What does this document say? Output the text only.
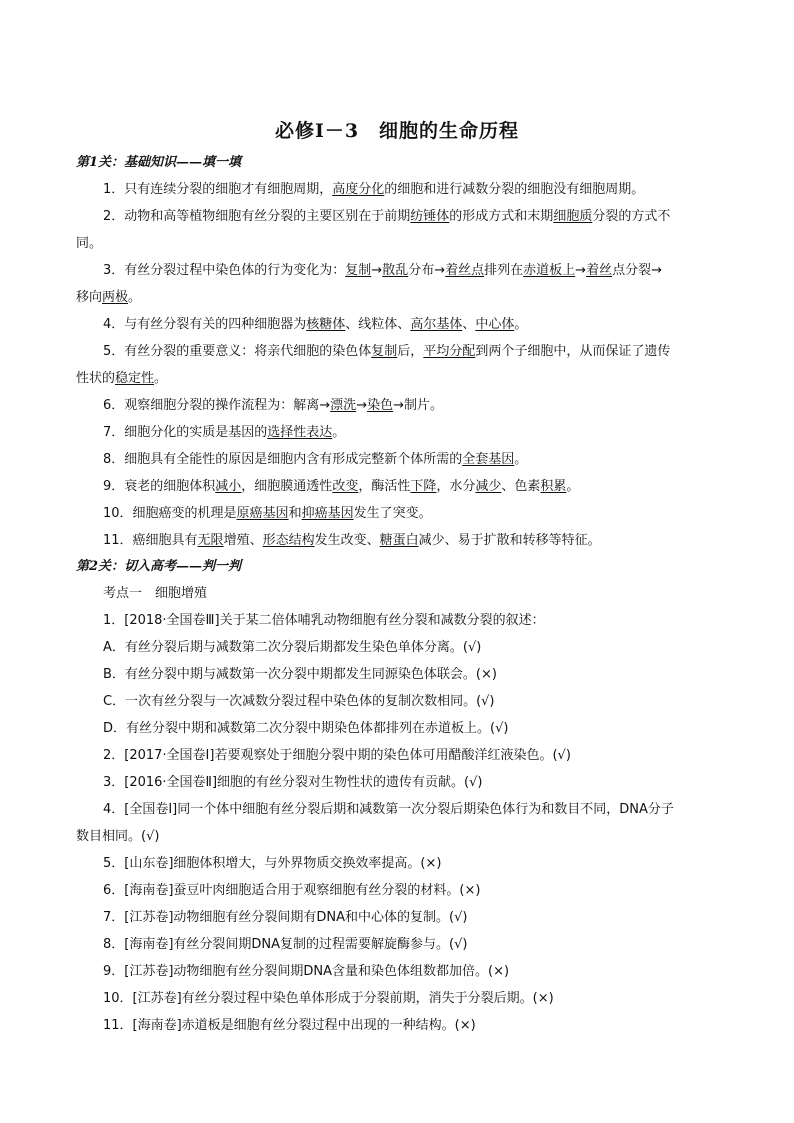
必修Ⅰ－3　细胞的生命历程
第1关：基础知识——填一填
1．只有连续分裂的细胞才有细胞周期，高度分化的细胞和进行减数分裂的细胞没有细胞周期。
2．动物和高等植物细胞有丝分裂的主要区别在于前期纺锤体的形成方式和末期细胞质分裂的方式不
同。
3．有丝分裂过程中染色体的行为变化为：复制→散乱分布→着丝点排列在赤道板上→着丝点分裂→
移向两极。
4．与有丝分裂有关的四种细胞器为核糖体、线粒体、高尔基体、中心体。
5．有丝分裂的重要意义：将亲代细胞的染色体复制后，平均分配到两个子细胞中，从而保证了遗传
性状的稳定性。
6．观察细胞分裂的操作流程为：解离→漂洗→染色→制片。
7．细胞分化的实质是基因的选择性表达。
8．细胞具有全能性的原因是细胞内含有形成完整新个体所需的全套基因。
9．衰老的细胞体积减小，细胞膜通透性改变，酶活性下降，水分减少、色素积累。
10．细胞癌变的机理是原癌基因和抑癌基因发生了突变。
11．癌细胞具有无限增殖、形态结构发生改变、糖蛋白减少、易于扩散和转移等特征。
第2关：切入高考——判一判
考点一　细胞增殖
1．[2018·全国卷Ⅲ]关于某二倍体哺乳动物细胞有丝分裂和减数分裂的叙述：
A．有丝分裂后期与减数第二次分裂后期都发生染色单体分离。(√)
B．有丝分裂中期与减数第一次分裂中期都发生同源染色体联会。(×)
C．一次有丝分裂与一次减数分裂过程中染色体的复制次数相同。(√)
D．有丝分裂中期和减数第二次分裂中期染色体都排列在赤道板上。(√)
2．[2017·全国卷Ⅰ]若要观察处于细胞分裂中期的染色体可用醋酸洋红液染色。(√)
3．[2016·全国卷Ⅱ]细胞的有丝分裂对生物性状的遗传有贡献。(√)
4．[全国卷Ⅰ]同一个体中细胞有丝分裂后期和减数第一次分裂后期染色体行为和数目不同，DNA分子
数目相同。(√)
5．[山东卷]细胞体积增大，与外界物质交换效率提高。(×)
6．[海南卷]蚕豆叶肉细胞适合用于观察细胞有丝分裂的材料。(×)
7．[江苏卷]动物细胞有丝分裂间期有DNA和中心体的复制。(√)
8．[海南卷]有丝分裂间期DNA复制的过程需要解旋酶参与。(√)
9．[江苏卷]动物细胞有丝分裂间期DNA含量和染色体组数都加倍。(×)
10．[江苏卷]有丝分裂过程中染色单体形成于分裂前期，消失于分裂后期。(×)
11．[海南卷]赤道板是细胞有丝分裂过程中出现的一种结构。(×)
